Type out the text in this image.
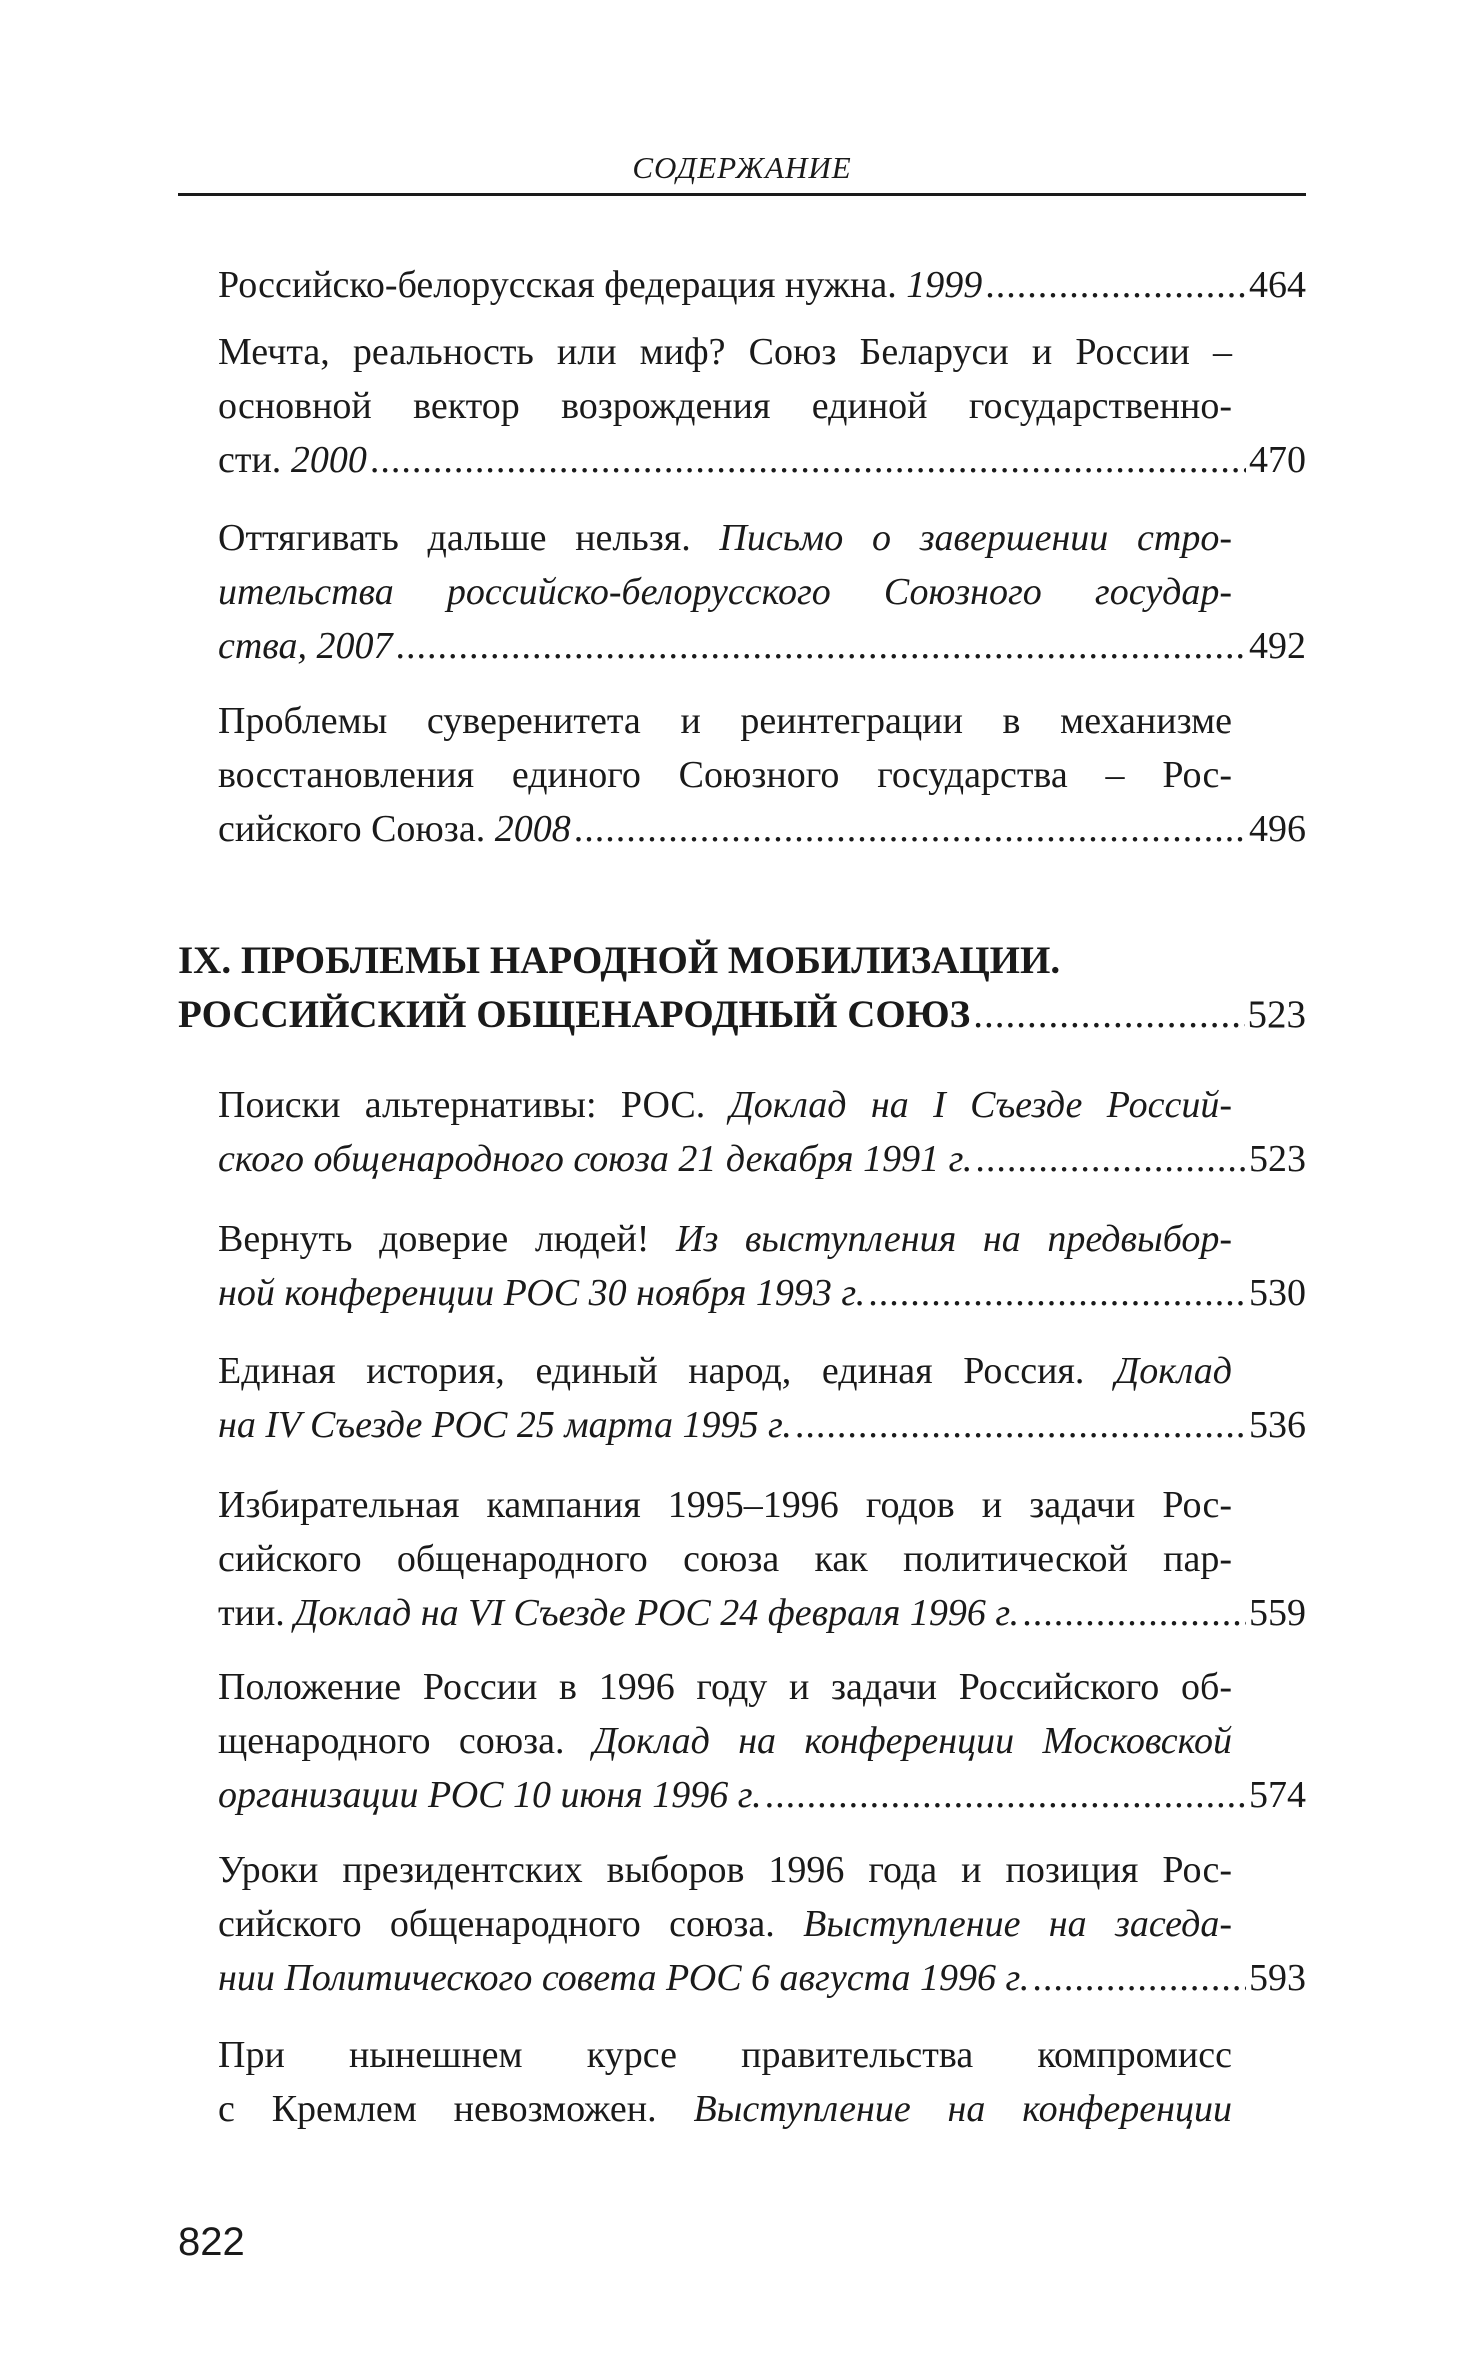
СОДЕРЖАНИЕ
Российско-белорусская федерация нужна. 1999 .....	464
Мечта, реальность или миф? Союз Беларуси и России –
основной вектор возрождения единой государственно-
сти. 2000 .....	470
Оттягивать дальше нельзя. Письмо о завершении стро-
ительства российско-белорусского Союзного государ-
ства, 2007 .....	492
Проблемы суверенитета и реинтеграции в механизме
восстановления единого Союзного государства – Рос-
сийского Союза. 2008 .....	496
IX. ПРОБЛЕМЫ НАРОДНОЙ МОБИЛИЗАЦИИ.
РОССИЙСКИЙ ОБЩЕНАРОДНЫЙ СОЮЗ .....	523
Поиски альтернативы: РОС. Доклад на I Съезде Россий-
ского общенародного союза 21 декабря 1991 г. .....	523
Вернуть доверие людей! Из выступления на предвыбор-
ной конференции РОС 30 ноября 1993 г. .....	530
Единая история, единый народ, единая Россия. Доклад
на IV Съезде РОС 25 марта 1995 г. .....	536
Избирательная кампания 1995–1996 годов и задачи Рос-
сийского общенародного союза как политической пар-
тии. Доклад на VI Съезде РОС 24 февраля 1996 г. .....	559
Положение России в 1996 году и задачи Российского об-
щенародного союза. Доклад на конференции Московской
организации РОС 10 июня 1996 г. .....	574
Уроки президентских выборов 1996 года и позиция Рос-
сийского общенародного союза. Выступление на заседа-
нии Политического совета РОС 6 августа 1996 г. .....	593
При нынешнем курсе правительства компромисс
с Кремлем невозможен. Выступление на конференции
822
